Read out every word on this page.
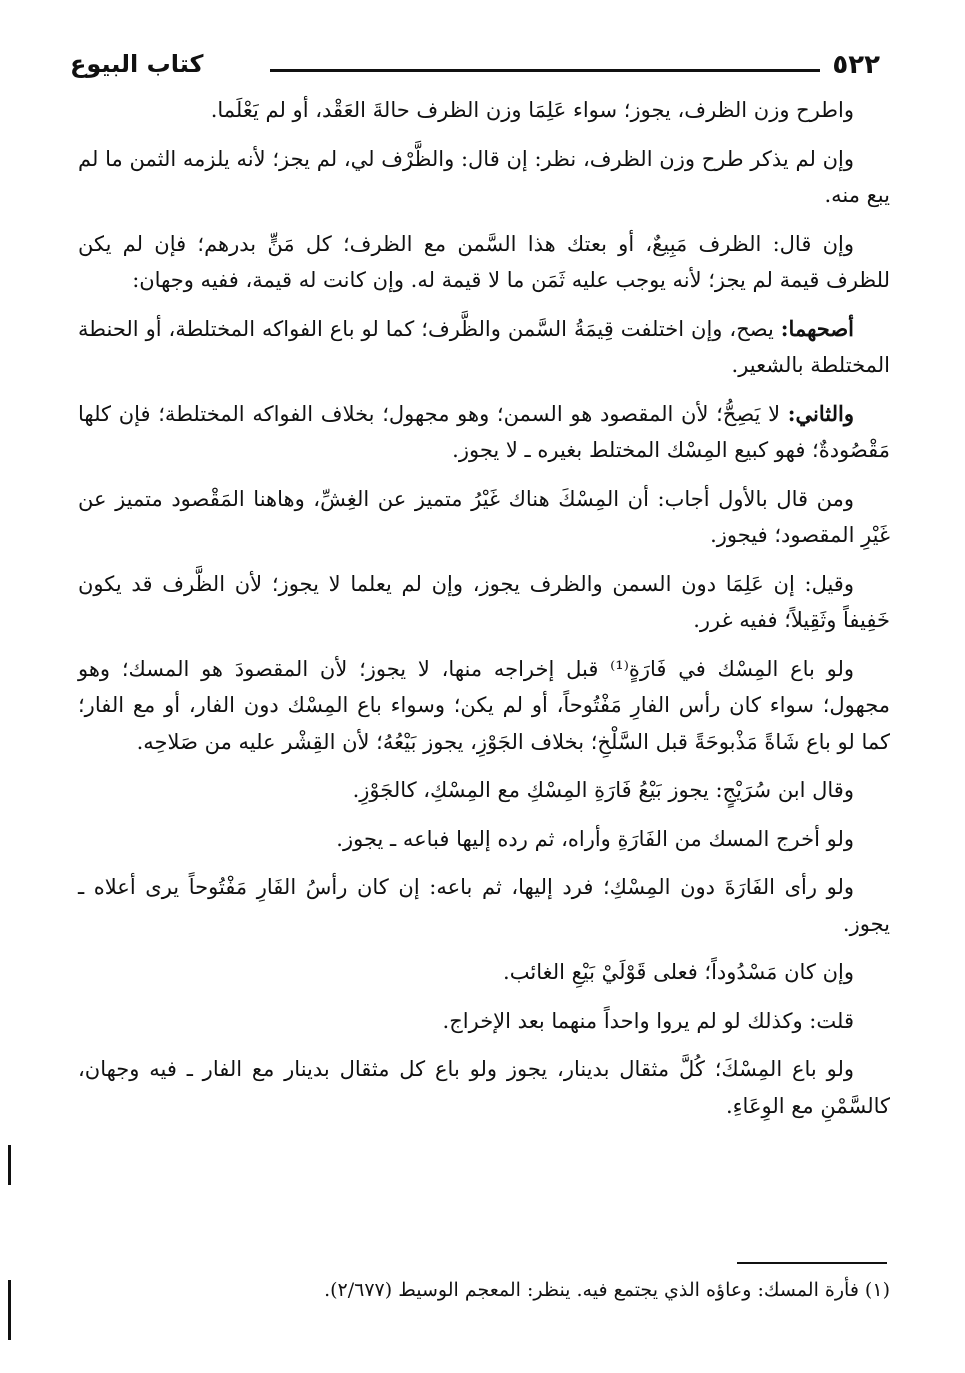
٥٢٢
كتاب البيوع

واطرح وزن الظرف، يجوز؛ سواء عَلِمَا وزن الظرف حالةَ العَقْد، أو لم يَعْلَما.

وإن لم يذكر طرح وزن الظرف، نظر: إن قال: والظَّرْف لي، لم يجز؛ لأنه يلزمه الثمن ما لم يبع منه.

وإن قال: الظرف مَبِيعٌ، أو بعتك هذا السَّمن مع الظرف؛ كل مَنٍّ بدرهم؛ فإن لم يكن للظرف قيمة لم يجز؛ لأنه يوجب عليه ثَمَن ما لا قيمة له. وإن كانت له قيمة، ففيه وجهان:

أصحهما: يصح، وإن اختلفت قِيمَةُ السَّمن والظَّرف؛ كما لو باع الفواكه المختلطة، أو الحنطة المختلطة بالشعير.

والثاني: لا يَصِحُّ؛ لأن المقصود هو السمن؛ وهو مجهول؛ بخلاف الفواكه المختلطة؛ فإن كلها مَقْصُودةٌ؛ فهو كبيع المِسْك المختلط بغيره ـ لا يجوز.

ومن قال بالأول أجاب: أن المِسْكَ هناك غَيْرُ متميز عن الغِشِّ، وهاهنا المَقْصود متميز عن غَيْرِ المقصود؛ فيجوز.

وقيل: إن عَلِمَا دون السمن والظرف يجوز، وإن لم يعلما لا يجوز؛ لأن الظَّرف قد يكون خَفِيفاً وثَقِيلاً؛ ففيه غرر.

ولو باع المِسْك في فَارَةٍ⁽¹⁾ قبل إخراجه منها، لا يجوز؛ لأن المقصودَ هو المسك؛ وهو مجهول؛ سواء كان رأس الفارِ مَفْتُوحاً، أو لم يكن؛ وسواء باع المِسْك دون الفار، أو مع الفار؛ كما لو باع شَاةً مَذْبوحَةً قبل السَّلْخِ؛ بخلاف الجَوْزِ، يجوز بَيْعُهُ؛ لأن القِشْر عليه من صَلاحِه.

وقال ابن سُرَيْجٍ: يجوز بَيْعُ فَارَةِ المِسْكِ مع المِسْكِ، كالجَوْزِ.

ولو أخرج المسك من الفَارَةِ وأراه، ثم رده إليها فباعه ـ يجوز.

ولو رأى الفَارَةَ دون المِسْكِ؛ فرد إليها، ثم باعه: إن كان رأسُ الفَارِ مَفْتُوحاً يرى أعلاه ـ يجوز.

وإن كان مَسْدُوداً؛ فعلى قَوْلَيْ بَيْعِ الغائب.

قلت: وكذلك لو لم يروا واحداً منهما بعد الإخراج.

ولو باع المِسْكَ؛ كُلَّ مثقال بدينار، يجوز ولو باع كل مثقال بدينار مع الفار ـ فيه وجهان، كالسَّمْنِ مع الوِعَاءِ.

(١) فأرة المسك: وعاؤه الذي يجتمع فيه. ينظر: المعجم الوسيط (٢/٦٧٧).
